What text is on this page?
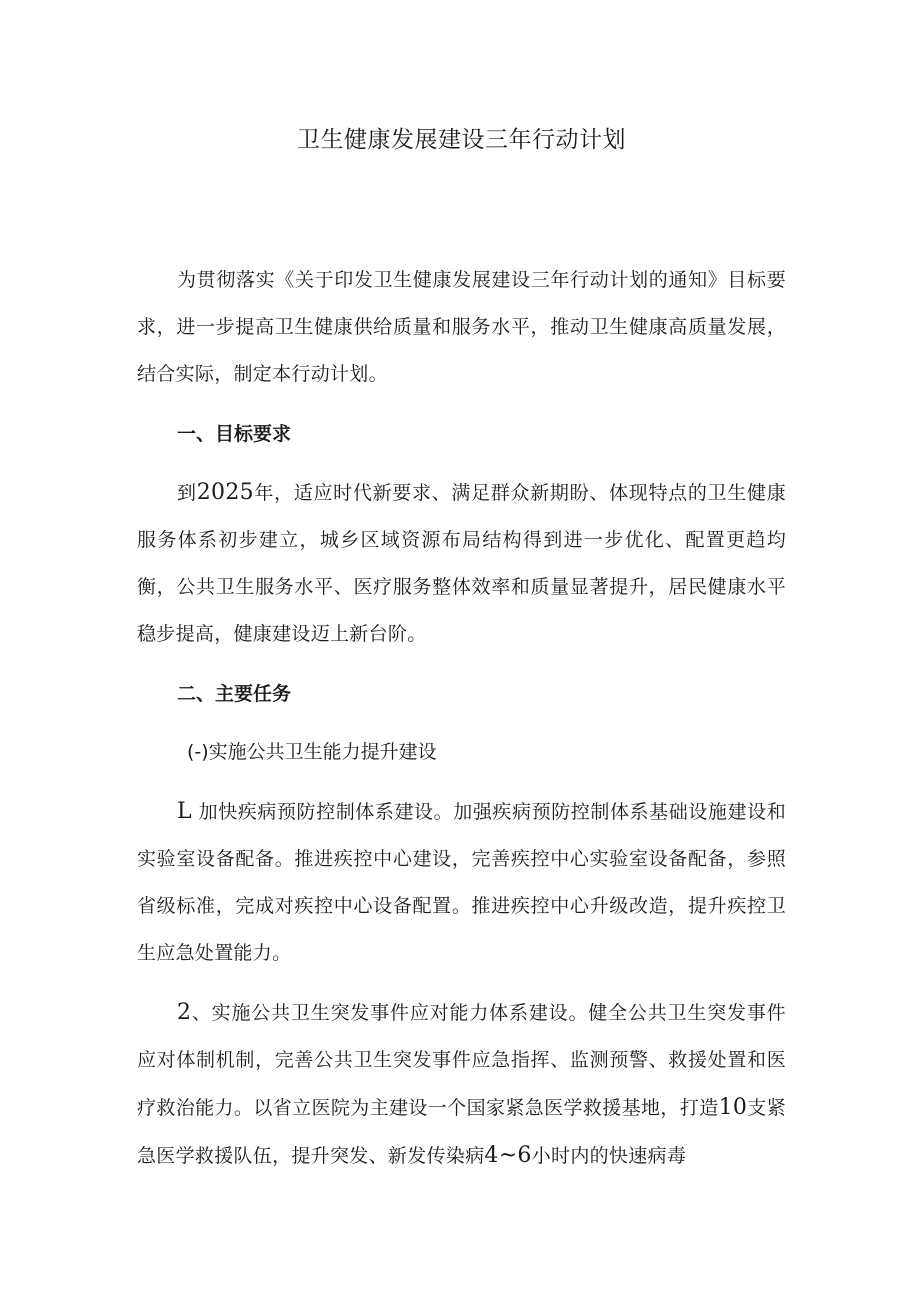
卫生健康发展建设三年行动计划

为贯彻落实《关于印发卫生健康发展建设三年行动计划的通知》目标要求，进一步提高卫生健康供给质量和服务水平，推动卫生健康高质量发展，结合实际，制定本行动计划。

一、目标要求

到2025年，适应时代新要求、满足群众新期盼、体现特点的卫生健康服务体系初步建立，城乡区域资源布局结构得到进一步优化、配置更趋均衡，公共卫生服务水平、医疗服务整体效率和质量显著提升，居民健康水平稳步提高，健康建设迈上新台阶。

二、主要任务

(-)实施公共卫生能力提升建设

L 加快疾病预防控制体系建设。加强疾病预防控制体系基础设施建设和实验室设备配备。推进疾控中心建设，完善疾控中心实验室设备配备，参照省级标准，完成对疾控中心设备配置。推进疾控中心升级改造，提升疾控卫生应急处置能力。

2、实施公共卫生突发事件应对能力体系建设。健全公共卫生突发事件应对体制机制，完善公共卫生突发事件应急指挥、监测预警、救援处置和医疗救治能力。以省立医院为主建设一个国家紧急医学救援基地，打造10支紧急医学救援队伍，提升突发、新发传染病4~6小时内的快速病毒
